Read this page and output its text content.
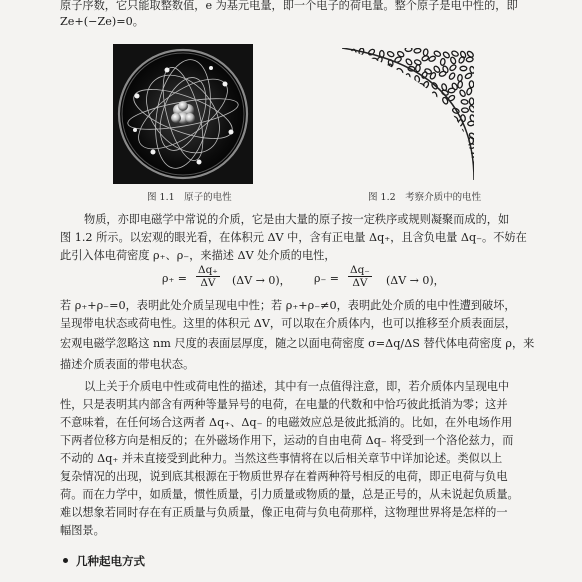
原子序数，它只能取整数值，e 为基元电量，即一个电子的荷电量。整个原子是电中性的，即

Ze+(−Ze)=0。

图 1.1　原子的电性	图 1.2　考察介质中的电性

物质，亦即电磁学中常说的介质，它是由大量的原子按一定秩序或规则凝聚而成的，如

图 1.2 所示。以宏观的眼光看，在体积元 ΔV 中，含有正电量 Δq₊，且含负电量 Δq₋。不妨在

此引入体电荷密度 ρ₊、ρ₋，来描述 ΔV 处介质的电性，

$\rho_+ = \frac{\Delta q_+}{\Delta V} (\Delta V \to 0)$， $\rho_- = \frac{\Delta q_-}{\Delta V} (\Delta V \to 0)$，

若 ρ₊+ρ₋=0，表明此处介质呈现电中性；若 ρ₊+ρ₋≠0，表明此处介质的电中性遭到破坏，

呈现带电状态或荷电性。这里的体积元 ΔV，可以取在介质体内，也可以推移至介质表面层，

宏观电磁学忽略这 nm 尺度的表面层厚度，随之以面电荷密度 σ=Δq/ΔS 替代体电荷密度 ρ，来

描述介质表面的带电状态。

以上关于介质电中性或荷电性的描述，其中有一点值得注意，即，若介质体内呈现电中

性，只是表明其内部含有两种等量异号的电荷，在电量的代数和中恰巧彼此抵消为零；这并

不意味着，在任何场合这两者 Δq₊、Δq₋ 的电磁效应总是彼此抵消的。比如，在外电场作用

下两者位移方向是相反的；在外磁场作用下，运动的自由电荷 Δq₋ 将受到一个洛伦兹力，而

不动的 Δq₊ 并未直接受到此种力。当然这些事情将在以后相关章节中详加论述。类似以上

复杂情况的出现，说到底其根源在于物质世界存在着两种符号相反的电荷，即正电荷与负电

荷。而在力学中，如质量，惯性质量，引力质量或物质的量，总是正号的，从未说起负质量。

难以想象若同时存在有正质量与负质量，像正电荷与负电荷那样，这物理世界将是怎样的一

幅图景。

几种起电方式
